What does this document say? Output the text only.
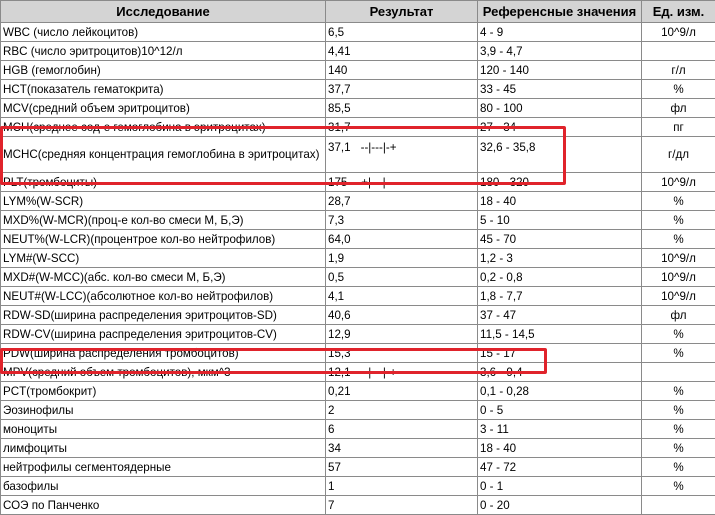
Исследование	Результат	Референсные значения	Ед. изм.
WBC (число лейкоцитов)	6,5	4 - 9	10^9/л
RBC (число эритроцитов)10^12/л	4,41	3,9 - 4,7	
HGB (гемоглобин)	140	120 - 140	г/л
HCT(показатель гематокрита)	37,7	33 - 45	%
MCV(средний объем эритроцитов)	85,5	80 - 100	фл
MCH(среднее сод-е гемоглобина в эритроцитах)	31,7	27 - 34	пг
MCHC(средняя концентрация гемоглобина в эритроцитах)	37,1 --|---|-+	32,6 - 35,8	г/дл
PLT(тромбоциты)	175 -+|---|--	180 - 320	10^9/л
LYM%(W-SCR)	28,7	18 - 40	%
MXD%(W-MCR)(проц-е кол-во смеси М, Б,Э)	7,3	5 - 10	%
NEUT%(W-LCR)(процентрое кол-во нейтрофилов)	64,0	45 - 70	%
LYM#(W-SCC)	1,9	1,2 - 3	10^9/л
MXD#(W-MCC)(абс. кол-во смеси М, Б,Э)	0,5	0,2 - 0,8	10^9/л
NEUT#(W-LCC)(абсолютное кол-во нейтрофилов)	4,1	1,8 - 7,7	10^9/л
RDW-SD(ширина распределения эритроцитов-SD)	40,6	37 - 47	фл
RDW-CV(ширина распределения эритроцитов-CV)	12,9	11,5 - 14,5	%
PDW(ширина распределения тромбоцитов)	15,3	15 - 17	%
MPV(средний объем тромбоцитов), мкм^3	12,1 --|---|-+	3,6 - 9,4	
PCT(тромбокрит)	0,21	0,1 - 0,28	%
Эозинофилы	2	0 - 5	%
моноциты	6	3 - 11	%
лимфоциты	34	18 - 40	%
нейтрофилы сегментоядерные	57	47 - 72	%
базофилы	1	0 - 1	%
СОЭ по Панченко	7	0 - 20	
